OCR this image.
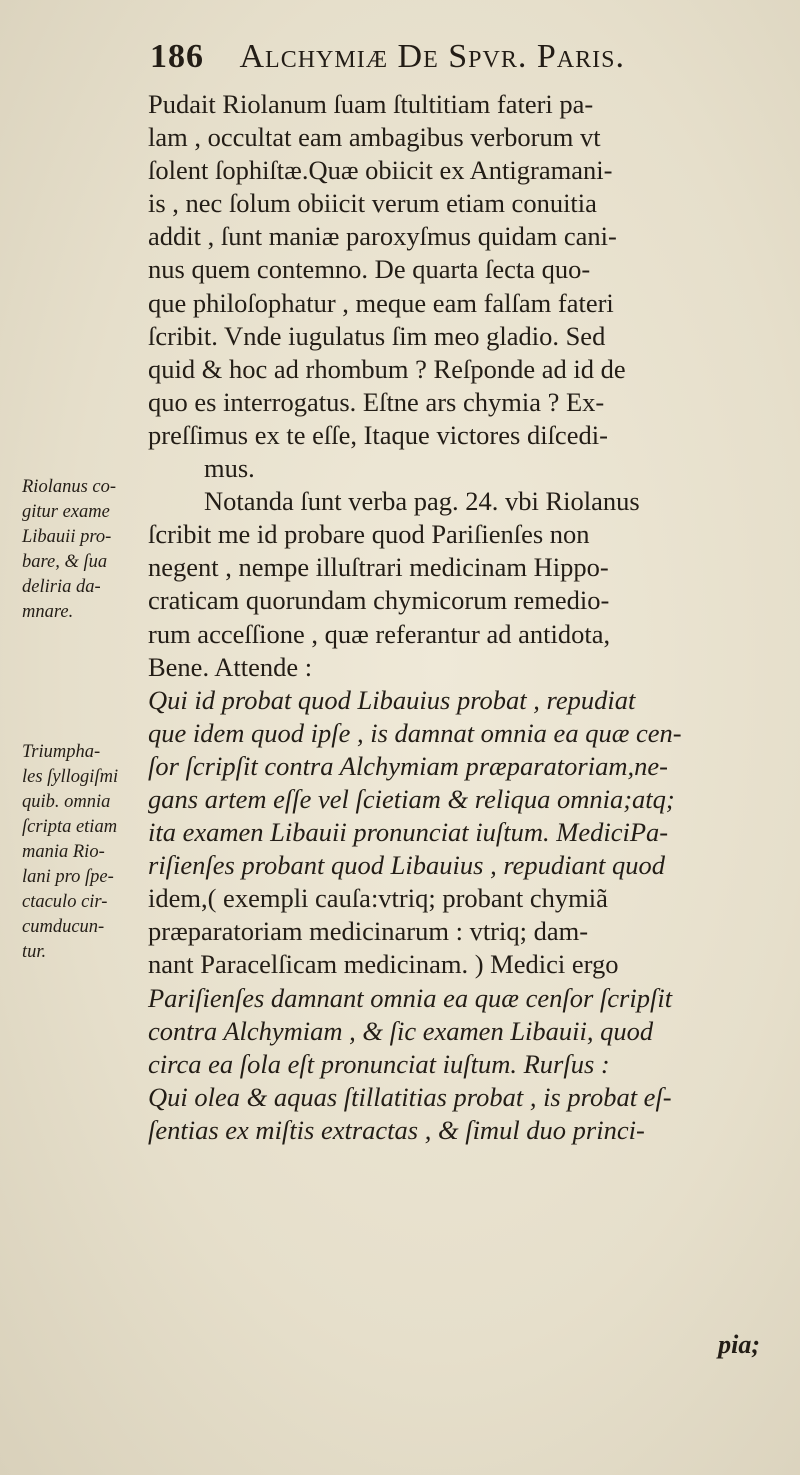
186 Alchymiæ De Spvr. Paris.
Pudait Riolanum ſuam ſtultitiam fateri pa-
lam , occultat eam ambagibus verborum vt
ſolent ſophiſtæ.Quæ obiicit ex Antigramani-
is , nec ſolum obiicit verum etiam conuitia
addit , ſunt maniæ paroxyſmus quidam cani-
nus quem contemno. De quarta ſecta quo-
que philoſophatur , meque eam falſam fateri
ſcribit. Vnde iugulatus ſim meo gladio. Sed
quid & hoc ad rhombum ? Reſponde ad id de
quo es interrogatus. Eſtne ars chymia ? Ex-
preſſimus ex te eſſe, Itaque victores diſcedi-
mus.
Notanda ſunt verba pag. 24. vbi Riolanus
ſcribit me id probare quod Pariſienſes non
negent , nempe illuſtrari medicinam Hippo-
craticam quorundam chymicorum remedio-
rum acceſſione , quæ referantur ad antidota,
Bene. Attende :
Qui id probat quod Libauius probat , repudiat
que idem quod ipſe , is damnat omnia ea quæ cen-
ſor ſcripſit contra Alchymiam præparatoriam,ne-
gans artem eſſe vel ſcietiam & reliqua omnia;atq;
ita examen Libauii pronunciat iuſtum. MediciPa-
riſienſes probant quod Libauius , repudiant quod
idem,( exempli cauſa:vtriq; probant chymiã
præparatoriam medicinarum : vtriq; dam-
nant Paracelſicam medicinam. ) Medici ergo
Pariſienſes damnant omnia ea quæ cenſor ſcripſit
contra Alchymiam , & ſic examen Libauii, quod
circa ea ſola eſt pronunciat iuſtum. Rurſus :
Qui olea & aquas ſtillatitias probat , is probat eſ-
ſentias ex miſtis extractas , & ſimul duo princi-
Riolanus co-
gitur exame
Libauii pro-
bare, & ſua
deliria da-
mnare.
Triumpha-
les ſyllogiſmi
quib. omnia
ſcripta etiam
mania Rio-
lani pro ſpe-
ctaculo cir-
cumducun-
tur.
pia;
